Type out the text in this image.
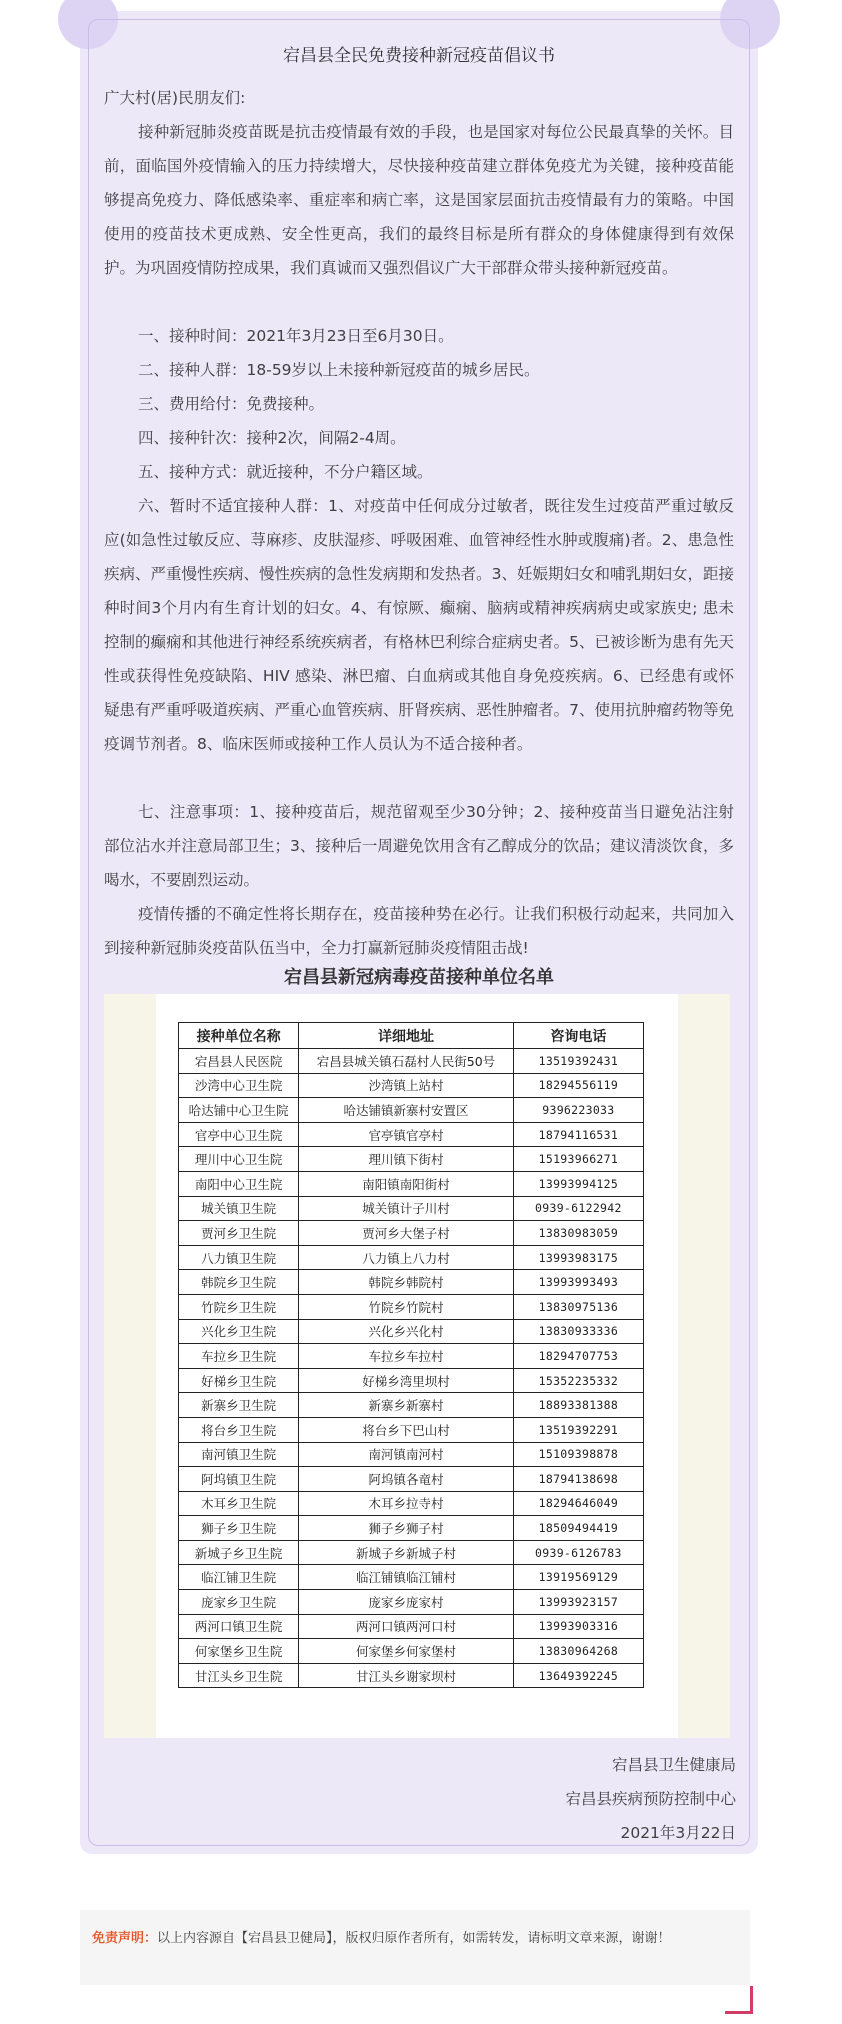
宕昌县全民免费接种新冠疫苗倡议书

广大村(居)民朋友们:

接种新冠肺炎疫苗既是抗击疫情最有效的手段，也是国家对每位公民最真挚的关怀。目前，面临国外疫情输入的压力持续增大，尽快接种疫苗建立群体免疫尤为关键，接种疫苗能够提高免疫力、降低感染率、重症率和病亡率，这是国家层面抗击疫情最有力的策略。中国使用的疫苗技术更成熟、安全性更高，我们的最终目标是所有群众的身体健康得到有效保护。为巩固疫情防控成果，我们真诚而又强烈倡议广大干部群众带头接种新冠疫苗。

一、接种时间：2021年3月23日至6月30日。

二、接种人群：18-59岁以上未接种新冠疫苗的城乡居民。

三、费用给付：免费接种。

四、接种针次：接种2次，间隔2-4周。

五、接种方式：就近接种，不分户籍区域。

六、暂时不适宜接种人群：1、对疫苗中任何成分过敏者，既往发生过疫苗严重过敏反应(如急性过敏反应、荨麻疹、皮肤湿疹、呼吸困难、血管神经性水肿或腹痛)者。2、患急性疾病、严重慢性疾病、慢性疾病的急性发病期和发热者。3、妊娠期妇女和哺乳期妇女，距接种时间3个月内有生育计划的妇女。4、有惊厥、癫痫、脑病或精神疾病病史或家族史; 患未控制的癫痫和其他进行神经系统疾病者，有格林巴利综合症病史者。5、已被诊断为患有先天性或获得性免疫缺陷、HIV 感染、淋巴瘤、白血病或其他自身免疫疾病。6、已经患有或怀疑患有严重呼吸道疾病、严重心血管疾病、肝肾疾病、恶性肿瘤者。7、使用抗肿瘤药物等免疫调节剂者。8、临床医师或接种工作人员认为不适合接种者。

七、注意事项：1、接种疫苗后，规范留观至少30分钟；2、接种疫苗当日避免沾注射部位沾水并注意局部卫生；3、接种后一周避免饮用含有乙醇成分的饮品；建议清淡饮食，多喝水，不要剧烈运动。

疫情传播的不确定性将长期存在，疫苗接种势在必行。让我们积极行动起来，共同加入到接种新冠肺炎疫苗队伍当中，全力打赢新冠肺炎疫情阻击战!

宕昌县新冠病毒疫苗接种单位名单
接种单位名称	详细地址	咨询电话
宕昌县人民医院	宕昌县城关镇石磊村人民街50号	13519392431
沙湾中心卫生院	沙湾镇上站村	18294556119
哈达铺中心卫生院	哈达铺镇新寨村安置区	9396223033
官亭中心卫生院	官亭镇官亭村	18794116531
理川中心卫生院	理川镇下街村	15193966271
南阳中心卫生院	南阳镇南阳街村	13993994125
城关镇卫生院	城关镇计子川村	0939-6122942
贾河乡卫生院	贾河乡大堡子村	13830983059
八力镇卫生院	八力镇上八力村	13993983175
韩院乡卫生院	韩院乡韩院村	13993993493
竹院乡卫生院	竹院乡竹院村	13830975136
兴化乡卫生院	兴化乡兴化村	13830933336
车拉乡卫生院	车拉乡车拉村	18294707753
好梯乡卫生院	好梯乡湾里坝村	15352235332
新寨乡卫生院	新寨乡新寨村	18893381388
将台乡卫生院	将台乡下巴山村	13519392291
南河镇卫生院	南河镇南河村	15109398878
阿坞镇卫生院	阿坞镇各竜村	18794138698
木耳乡卫生院	木耳乡拉寺村	18294646049
狮子乡卫生院	狮子乡狮子村	18509494419
新城子乡卫生院	新城子乡新城子村	0939-6126783
临江铺卫生院	临江铺镇临江铺村	13919569129
庞家乡卫生院	庞家乡庞家村	13993923157
两河口镇卫生院	两河口镇两河口村	13993903316
何家堡乡卫生院	何家堡乡何家堡村	13830964268
甘江头乡卫生院	甘江头乡谢家坝村	13649392245
宕昌县卫生健康局
宕昌县疾病预防控制中心
2021年3月22日
免责声明：以上内容源自【宕昌县卫健局】，版权归原作者所有，如需转发，请标明文章来源，谢谢！
